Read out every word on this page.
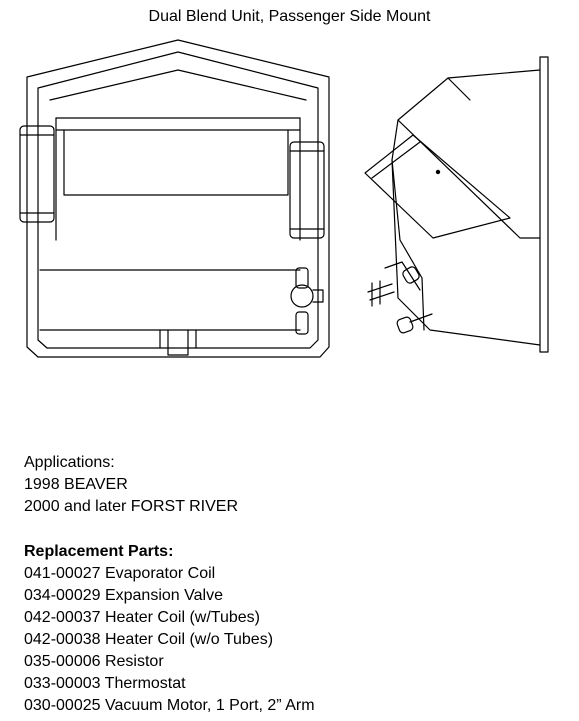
Dual Blend Unit, Passenger Side Mount
Applications:
1998 BEAVER
2000 and later FORST RIVER
Replacement Parts:
041-00027 Evaporator Coil
034-00029 Expansion Valve
042-00037 Heater Coil (w/Tubes)
042-00038 Heater Coil (w/o Tubes)
035-00006 Resistor
033-00003 Thermostat
030-00025 Vacuum Motor, 1 Port, 2” Arm
